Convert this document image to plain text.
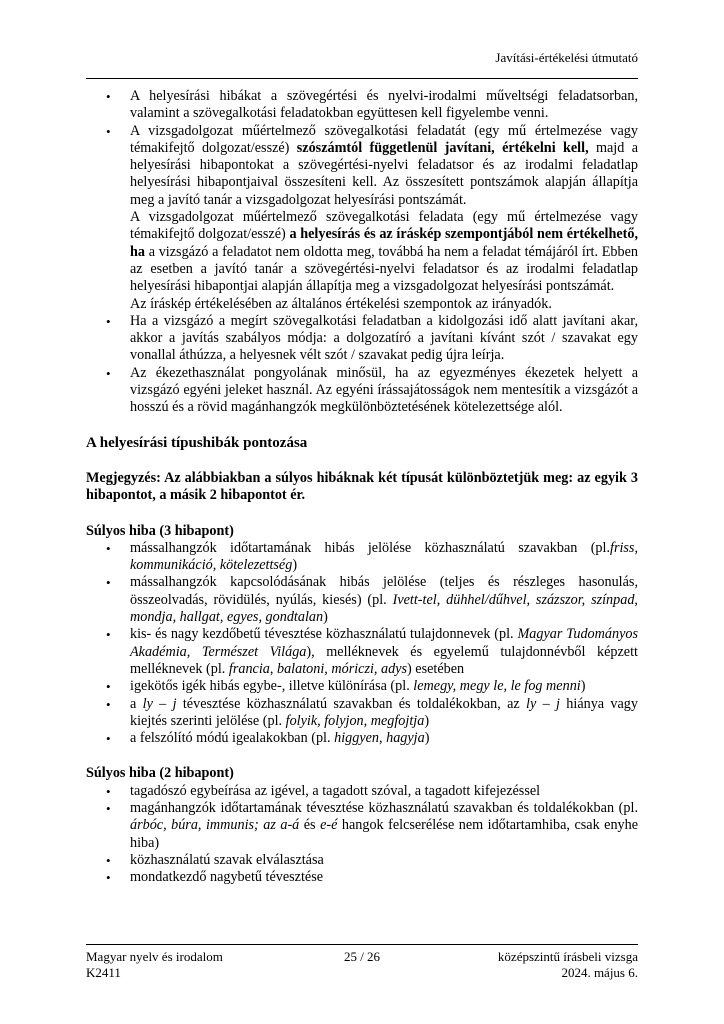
Javítási-értékelési útmutató
• A helyesírási hibákat a szövegértési és nyelvi-irodalmi műveltségi feladatsorban, valamint a szövegalkotási feladatokban együttesen kell figyelembe venni.
• A vizsgadolgozat műértelmező szövegalkotási feladatát (egy mű értelmezése vagy témakifejtő dolgozat/esszé) szószámtól függetlenül javítani, értékelni kell, majd a helyesírási hibapontokat a szövegértési-nyelvi feladatsor és az irodalmi feladatlap helyesírási hibapontjaival összesíteni kell. Az összesített pontszámok alapján állapítja meg a javító tanár a vizsgadolgozat helyesírási pontszámát.
A vizsgadolgozat műértelmező szövegalkotási feladata (egy mű értelmezése vagy témakifejtő dolgozat/esszé) a helyesírás és az íráskép szempontjából nem értékelhető, ha a vizsgázó a feladatot nem oldotta meg, továbbá ha nem a feladat témájáról írt. Ebben az esetben a javító tanár a szövegértési-nyelvi feladatsor és az irodalmi feladatlap helyesírási hibapontjai alapján állapítja meg a vizsgadolgozat helyesírási pontszámát.
Az íráskép értékelésében az általános értékelési szempontok az irányadók.
• Ha a vizsgázó a megírt szövegalkotási feladatban a kidolgozási idő alatt javítani akar, akkor a javítás szabályos módja: a dolgozatíró a javítani kívánt szót / szavakat egy vonallal áthúzza, a helyesnek vélt szót / szavakat pedig újra leírja.
• Az ékezethasználat pongyolának minősül, ha az egyezményes ékezetek helyett a vizsgázó egyéni jeleket használ. Az egyéni írássajátosságok nem mentesítik a vizsgázót a hosszú és a rövid magánhangzók megkülönböztetésének kötelezettsége alól.
A helyesírási típushibák pontozása
Megjegyzés: Az alábbiakban a súlyos hibáknak két típusát különböztetjük meg: az egyik 3 hibapontot, a másik 2 hibapontot ér.
Súlyos hiba (3 hibapont)
• mássalhangzók időtartamának hibás jelölése közhasználatú szavakban (pl.friss, kommunikáció, kötelezettség)
• mássalhangzók kapcsolódásának hibás jelölése (teljes és részleges hasonulás, összeolvadás, rövidülés, nyúlás, kiesés) (pl. Ivett-tel, dühhel/dűhvel, százszor, színpad, mondja, hallgat, egyes, gondtalan)
• kis- és nagy kezdőbetű tévesztése közhasználatú tulajdonnevek (pl. Magyar Tudományos Akadémia, Természet Világa), melléknevek és egyelemű tulajdonnévből képzett melléknevek (pl. francia, balatoni, móriczi, adys) esetében
• igekötős igék hibás egybe-, illetve különírása (pl. lemegy, megy le, le fog menni)
• a ly – j tévesztése közhasználatú szavakban és toldalékokban, az ly – j hiánya vagy kiejtés szerinti jelölése (pl. folyik, folyjon, megfojtja)
• a felszólító módú igealakokban (pl. higgyen, hagyja)
Súlyos hiba (2 hibapont)
• tagadószó egybeírása az igével, a tagadott szóval, a tagadott kifejezéssel
• magánhangzók időtartamának tévesztése közhasználatú szavakban és toldalékokban (pl. árbóc, búra, immunis; az a-á és e-é hangok felcserélése nem időtartamhiba, csak enyhe hiba)
• közhasználatú szavak elválasztása
• mondatkezdő nagybetű tévesztése
Magyar nyelv és irodalom	25 / 26	középszintű írásbeli vizsga
K2411	2024. május 6.
